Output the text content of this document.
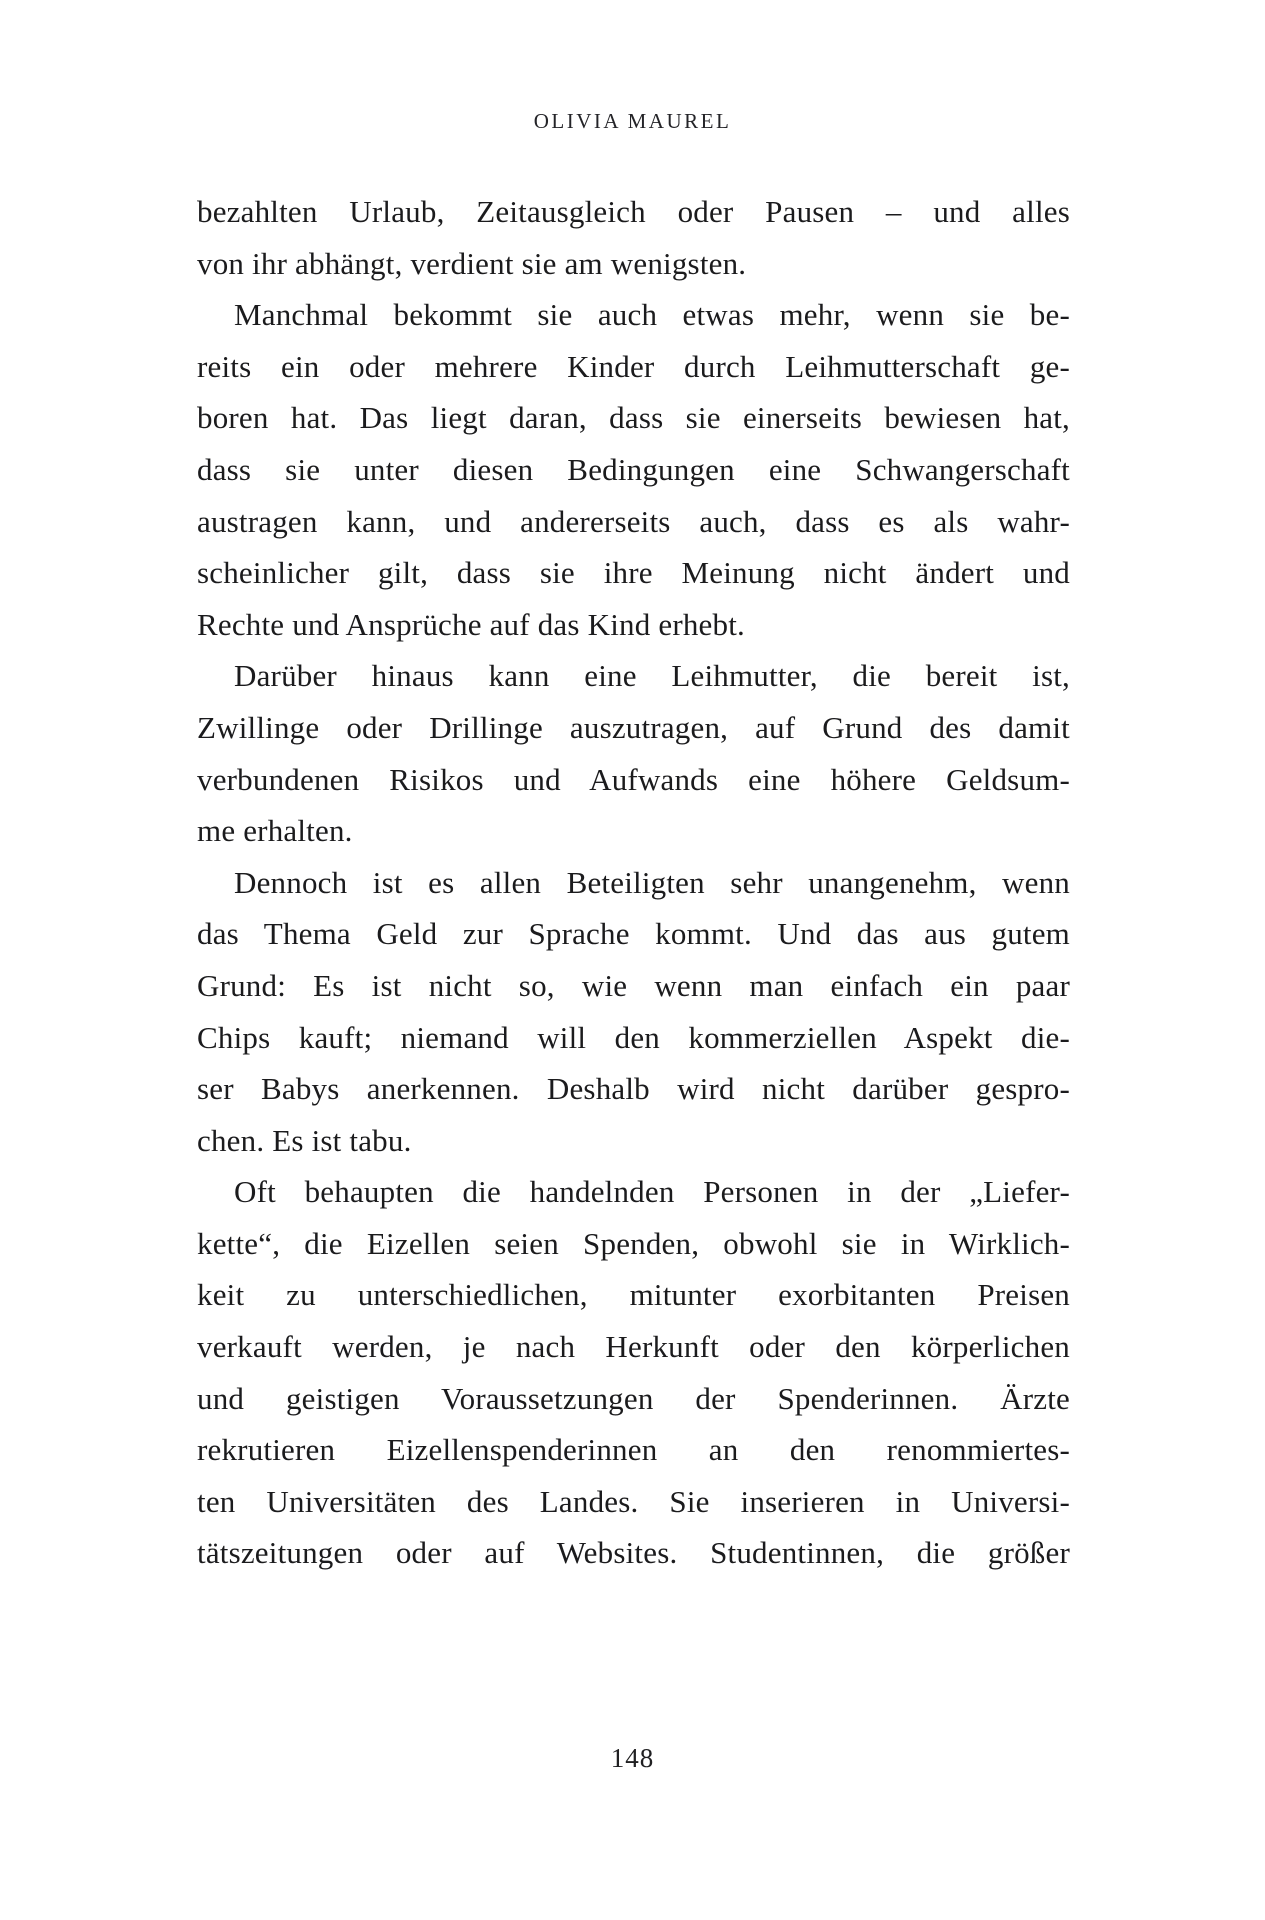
OLIVIA MAUREL
bezahlten Urlaub, Zeitausgleich oder Pausen – und alles
von ihr abhängt, verdient sie am wenigsten.
Manchmal bekommt sie auch etwas mehr, wenn sie be-
reits ein oder mehrere Kinder durch Leihmutterschaft ge-
boren hat. Das liegt daran, dass sie einerseits bewiesen hat,
dass sie unter diesen Bedingungen eine Schwangerschaft
austragen kann, und andererseits auch, dass es als wahr-
scheinlicher gilt, dass sie ihre Meinung nicht ändert und
Rechte und Ansprüche auf das Kind erhebt.
Darüber hinaus kann eine Leihmutter, die bereit ist,
Zwillinge oder Drillinge auszutragen, auf Grund des damit
verbundenen Risikos und Aufwands eine höhere Geldsum-
me erhalten.
Dennoch ist es allen Beteiligten sehr unangenehm, wenn
das Thema Geld zur Sprache kommt. Und das aus gutem
Grund: Es ist nicht so, wie wenn man einfach ein paar
Chips kauft; niemand will den kommerziellen Aspekt die-
ser Babys anerkennen. Deshalb wird nicht darüber gespro-
chen. Es ist tabu.
Oft behaupten die handelnden Personen in der „Liefer-
kette“, die Eizellen seien Spenden, obwohl sie in Wirklich-
keit zu unterschiedlichen, mitunter exorbitanten Preisen
verkauft werden, je nach Herkunft oder den körperlichen
und geistigen Voraussetzungen der Spenderinnen. Ärzte
rekrutieren Eizellenspenderinnen an den renommiertes-
ten Universitäten des Landes. Sie inserieren in Universi-
tätszeitungen oder auf Websites. Studentinnen, die größer
148
